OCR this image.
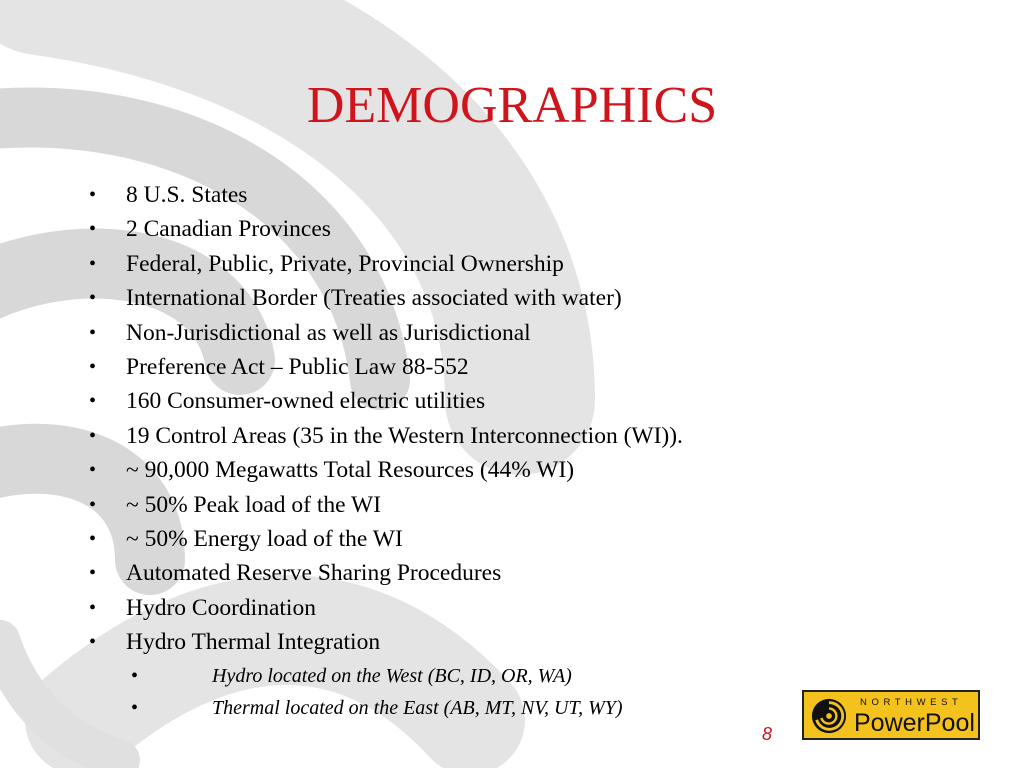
DEMOGRAPHICS
• 8 U.S. States
• 2 Canadian Provinces
• Federal, Public, Private, Provincial Ownership
• International Border (Treaties associated with water)
• Non-Jurisdictional as well as Jurisdictional
• Preference Act – Public Law 88-552
• 160 Consumer-owned electric utilities
• 19 Control Areas (35 in the Western Interconnection (WI)).
• ~ 90,000 Megawatts Total Resources (44% WI)
• ~ 50% Peak load of the WI
• ~ 50% Energy load of the WI
• Automated Reserve Sharing Procedures
• Hydro Coordination
• Hydro Thermal Integration
•	Hydro located on the West (BC, ID, OR, WA)
•	Thermal located on the East (AB, MT, NV, UT, WY)
8
NORTHWEST
PowerPool
